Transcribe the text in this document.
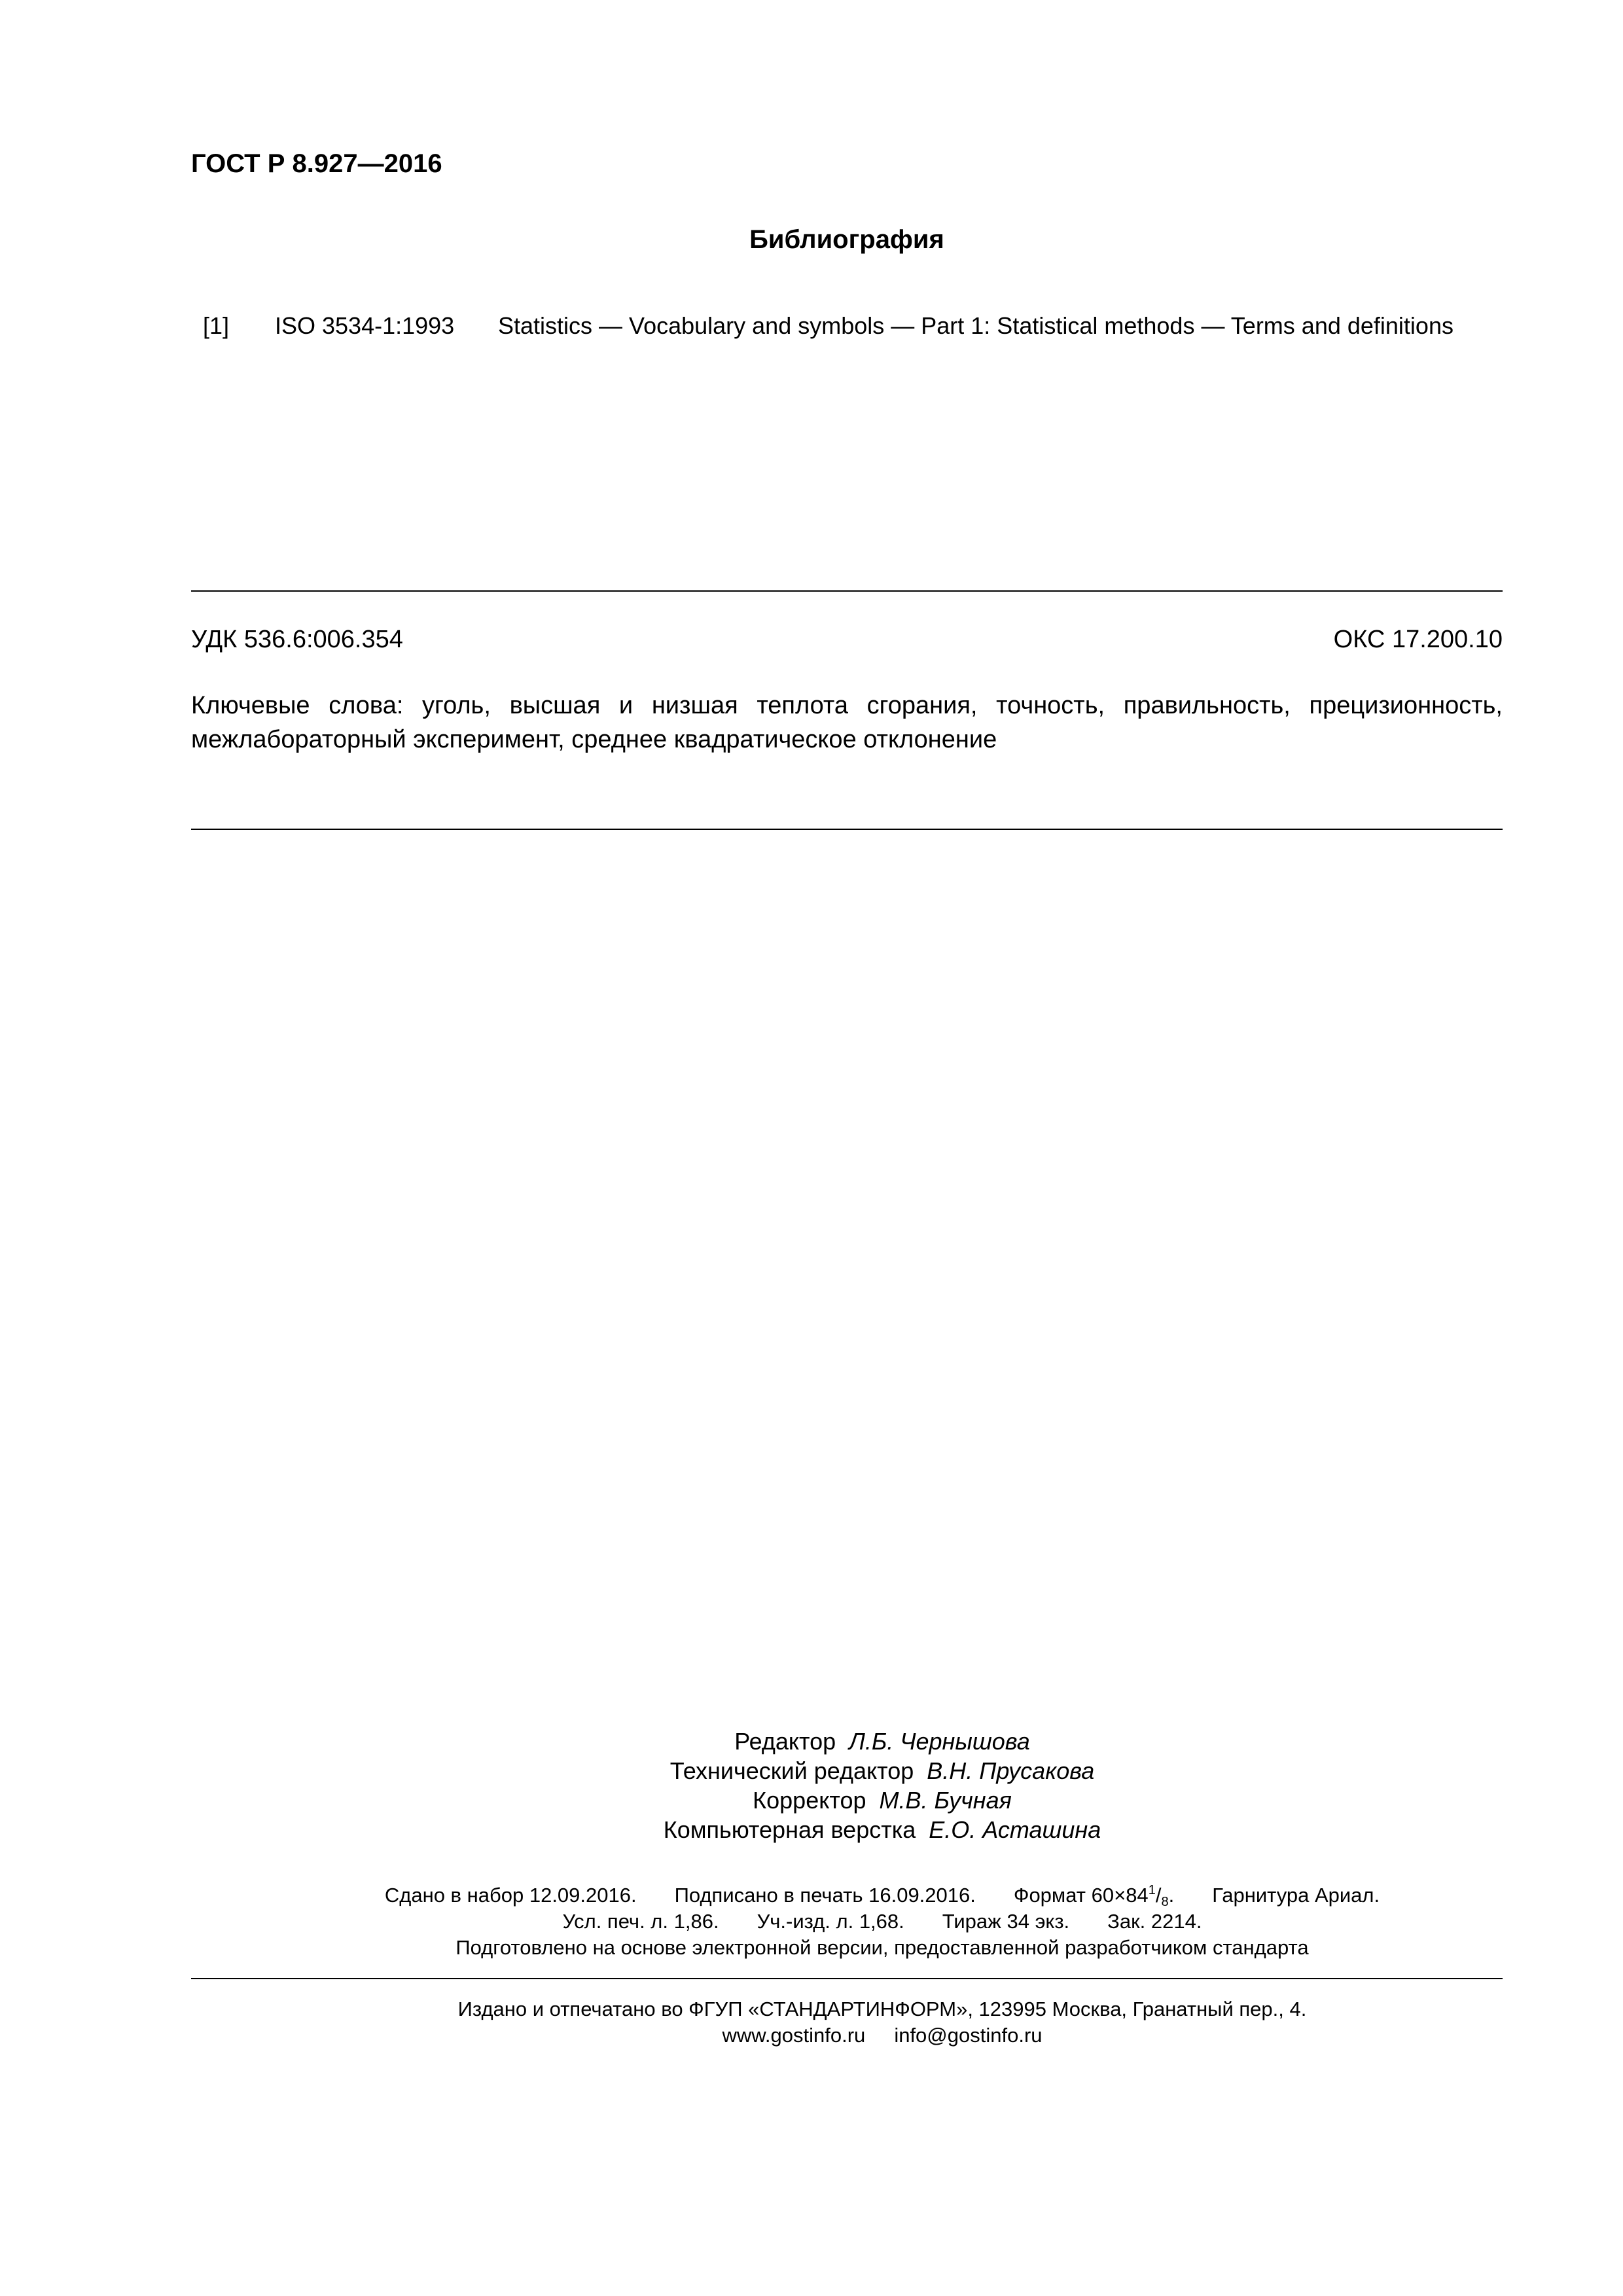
ГОСТ Р 8.927—2016
Библиография
[1] ISO 3534-1:1993 Statistics — Vocabulary and symbols — Part 1: Statistical methods — Terms and definitions
УДК 536.6:006.354	ОКС 17.200.10
Ключевые слова: уголь, высшая и низшая теплота сгорания, точность, правильность, прецизионность, межлабораторный эксперимент, среднее квадратическое отклонение
Редактор Л.Б. Чернышова
Технический редактор В.Н. Прусакова
Корректор М.В. Бучная
Компьютерная верстка Е.О. Асташина
Сдано в набор 12.09.2016. Подписано в печать 16.09.2016. Формат $60\times 84^1/_8$. Гарнитура Ариал.
Усл. печ. л. 1,86. Уч.-изд. л. 1,68. Тираж 34 экз. Зак. 2214.
Подготовлено на основе электронной версии, предоставленной разработчиком стандарта
Издано и отпечатано во ФГУП «СТАНДАРТИНФОРМ», 123995 Москва, Гранатный пер., 4.
www.gostinfo.ru info@gostinfo.ru
